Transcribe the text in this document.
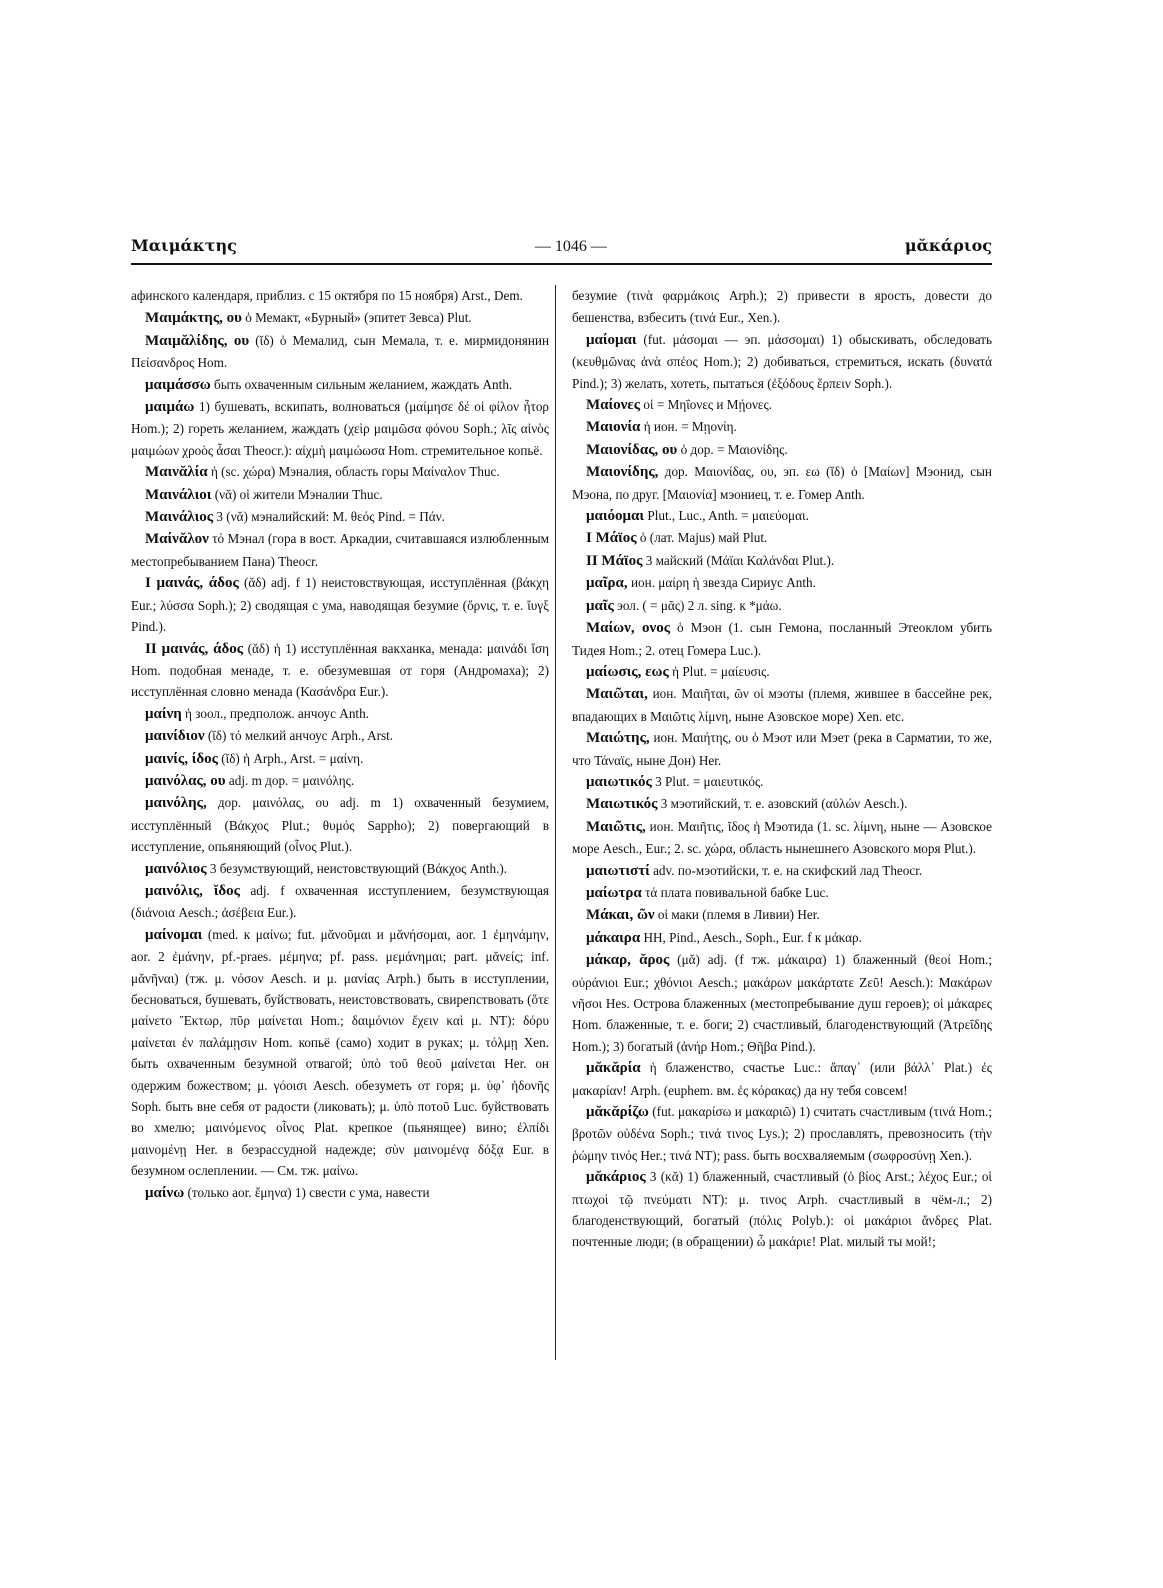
Μαιμάκτης	— 1046 —	μᾰκάριος

афинского календаря, приблиз. с 15 октября по 15 ноября) Arst., Dem.

Μαιμάκτης, ου ὁ Мемакт, «Бурный» (эпитет Зевса) Plut.

Μαιμᾰλίδης, ου (ῐδ) ὁ Мемалид, сын Мемала, т. е. мирмидонянин Πείσανδρος Hom.

μαιμάσσω быть охваченным сильным желанием, жаждать Anth.

μαιμάω 1) бушевать, вскипать, волноваться (μαίμησε δέ οἱ φίλον ἦτορ Hom.); 2) гореть желанием, жаждать (χεὶρ μαιμῶσα φόνου Soph.; λῖς αἰνὸς μαιμώων χροὸς ἆσαι Theocr.): αἰχμὴ μαιμώωσα Hom. стремительное копьё.

Μαινᾰλία ἡ (sc. χώρα) Мэналия, область горы Μαίναλον Thuc.

Μαινάλιοι (νᾰ) οἱ жители Мэналии Thuc.

Μαινάλιος 3 (νᾰ) мэналийский: Μ. θεός Pind. = Πάν.

Μαίνᾰλον τό Мэнал (гора в вост. Аркадии, считавшаяся излюбленным местопребыванием Пана) Theocr.

I μαινάς, άδος (ᾰδ) adj. f 1) неистовствующая, исступлённая (βάκχη Eur.; λύσσα Soph.); 2) сводящая с ума, наводящая безумие (ὄρνις, т. е. ἴυγξ Pind.).

II μαινάς, άδος (ᾰδ) ἡ 1) исступлённая вакханка, менада: μαινάδι ἴση Hom. подобная менаде, т. е. обезумевшая от горя (Андромаха); 2) исступлённая словно менада (Κασάνδρα Eur.).

μαίνη ἡ зоол., предполож. анчоус Anth.

μαινίδιον (ῐδ) τό мелкий анчоус Arph., Arst.

μαινίς, ίδος (ῐδ) ἡ Arph., Arst. = μαίνη.

μαινόλας, ου adj. m дор. = μαινόλης.

μαινόλης, дор. μαινόλας, ου adj. m 1) охваченный безумием, исступлённый (Βάκχος Plut.; θυμός Sappho); 2) повергающий в исступление, опьяняющий (οἶνος Plut.).

μαινόλιος 3 безумствующий, неистовствующий (Βάκχος Anth.).

μαινόλις, ῐδος adj. f охваченная исступлением, безумствующая (διάνοια Aesch.; ἀσέβεια Eur.).

μαίνομαι (med. к μαίνω; fut. μᾰνοῦμαι и μᾰνήσομαι, aor. 1 ἐμηνάμην, aor. 2 ἐμάνην, pf.-praes. μέμηνα; pf. pass. μεμάνημαι; part. μᾰνείς; inf. μᾰνῆναι) (тж. μ. νόσον Aesch. и μ. μανίας Arph.) быть в исступлении, бесноваться, бушевать, буйствовать, неистовствовать, свирепствовать (ὅτε μαίνετο Ἕκτωρ, πῦρ μαίνεται Hom.; δαιμόνιον ἔχειν καὶ μ. NT): δόρυ μαίνεται ἐν παλάμῃσιν Hom. копьё (само) ходит в руках; μ. τόλμῃ Xen. быть охваченным безумной отвагой; ὑπὸ τοῦ θεοῦ μαίνεται Her. он одержим божеством; μ. γόοισι Aesch. обезуметь от горя; μ. ὑφ᾽ ἡδονῆς Soph. быть вне себя от радости (ликовать); μ. ὑπὸ ποτοῦ Luc. буйствовать во хмелю; μαινόμενος οἶνος Plat. крепкое (пьянящее) вино; ἐλπίδι μαινομένῃ Her. в безрассудной надежде; σὺν μαινομένᾳ δόξᾳ Eur. в безумном ослеплении. — См. тж. μαίνω.

μαίνω (только aor. ἔμηνα) 1) свести с ума, навести

безумие (τινὰ φαρμάκοις Arph.); 2) привести в ярость, довести до бешенства, взбесить (τινά Eur., Xen.).

μαίομαι (fut. μάσομαι — эп. μάσσομαι) 1) обыскивать, обследовать (κευθμῶνας ἀνὰ σπέος Hom.); 2) добиваться, стремиться, искать (δυνατά Pind.); 3) желать, хотеть, пытаться (ἐξόδους ἕρπειν Soph.).

Μαίονες οἱ = Μηΐονες и Μῄονες.

Μαιονία ἡ ион. = Μῃονίη.

Μαιονίδας, ου ὁ дор. = Μαιονίδης.

Μαιονίδης, дор. Μαιονίδας, ου, эп. εω (ῐδ) ὁ [Μαίων] Мэонид, сын Мэона, по друг. [Μαιονία] мэониец, т. е. Гомер Anth.

μαιόομαι Plut., Luc., Anth. = μαιεύομαι.

I Μάϊος ὁ (лат. Majus) май Plut.

II Μάϊος 3 майский (Μάϊαι Καλάνδαι Plut.).

μαῖρα, ион. μαίρη ἡ звезда Сириус Anth.

μαῖς эол. ( = μᾶς) 2 л. sing. к *μάω.

Μαίων, ονος ὁ Мэон (1. сын Гемона, посланный Этеоклом убить Тидея Hom.; 2. отец Гомера Luc.).

μαίωσις, εως ἡ Plut. = μαίευσις.

Μαιῶται, ион. Μαιῆται, ῶν οἱ мэоты (племя, жившее в бассейне рек, впадающих в Μαιῶτις λίμνη, ныне Азовское море) Xen. etc.

Μαιώτης, ион. Μαιήτης, ου ὁ Мэот или Мэет (река в Сарматии, то же, что Τάναϊς, ныне Дон) Her.

μαιωτικός 3 Plut. = μαιευτικός.

Μαιωτικός 3 мэотийский, т. е. азовский (αὐλών Aesch.).

Μαιῶτις, ион. Μαιῆτις, ῐδος ἡ Мэотида (1. sc. λίμνη, ныне — Азовское море Aesch., Eur.; 2. sc. χώρα, область нынешнего Азовского моря Plut.).

μαιωτιστί adv. по-мэотийски, т. е. на скифский лад Theocr.

μαίωτρα τά плата повивальной бабке Luc.

Μάκαι, ῶν οἱ маки (племя в Ливии) Her.

μάκαιρα HH, Pind., Aesch., Soph., Eur. f к μάκαρ.

μάκαρ, ᾰρος (μᾰ) adj. (f тж. μάκαιρα) 1) блаженный (θεοί Hom.; οὐράνιοι Eur.; χθόνιοι Aesch.; μακάρων μακάρτατε Ζεῦ! Aesch.): Μακάρων νῆσοι Hes. Острова блаженных (местопребывание душ героев); οἱ μάκαρες Hom. блаженные, т. е. боги; 2) счастливый, благоденствующий (Ἀτρεΐδης Hom.); 3) богатый (ἀνήρ Hom.; Θῆβα Pind.).

μᾰκᾰρία ἡ блаженство, счастье Luc.: ἄπαγ᾽ (или βάλλ᾽ Plat.) ἐς μακαρίαν! Arph. (euphem. вм. ἐς κόρακας) да ну тебя совсем!

μᾰκᾰρίζω (fut. μακαρίσω и μακαριῶ) 1) считать счастливым (τινά Hom.; βροτῶν οὐδένα Soph.; τινά τινος Lys.); 2) прославлять, превозносить (τὴν ῥώμην τινός Her.; τινά NT); pass. быть восхваляемым (σωφροσύνῃ Xen.).

μᾰκάριος 3 (κᾰ) 1) блаженный, счастливый (ὁ βίος Arst.; λέχος Eur.; οἱ πτωχοὶ τῷ πνεύματι NT): μ. τινος Arph. счастливый в чём-л.; 2) благоденствующий, богатый (πόλις Polyb.): οἱ μακάριοι ἄνδρες Plat. почтенные люди; (в обращении) ὦ μακάριε! Plat. милый ты мой!;
